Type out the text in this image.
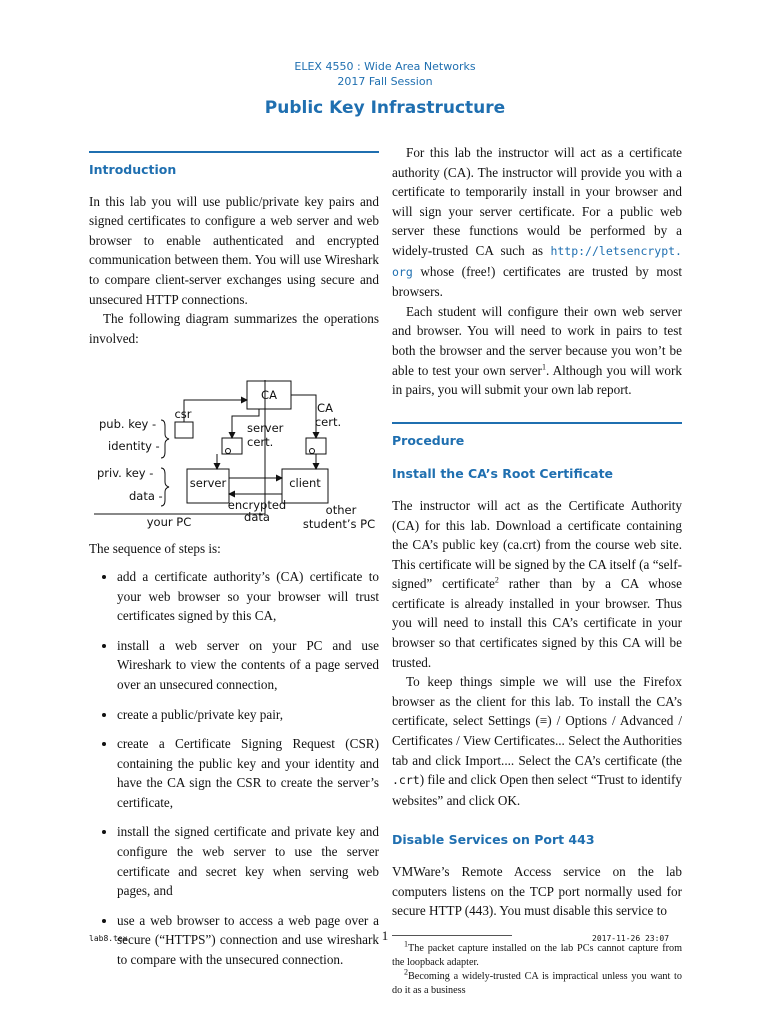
ELEX 4550 : Wide Area Networks
2017 Fall Session
Public Key Infrastructure
Introduction

In this lab you will use public/private key pairs and signed certificates to configure a web server and web browser to enable authenticated and encrypted communication between them. You will use Wireshark to compare client-server exchanges using secure and unsecured HTTP connections.

The following diagram summarizes the operations involved:

CA
CA
cert.
csr
server
cert.
pub. key -
identity -
priv. key -
data -
server	client
your PC
encrypted
data	other
student’s PC

The sequence of steps is:

• add a certificate authority’s (CA) certificate to your web browser so your browser will trust certificates signed by this CA,
• install a web server on your PC and use Wireshark to view the contents of a page served over an unsecured connection,
• create a public/private key pair,
• create a Certificate Signing Request (CSR) containing the public key and your identity and have the CA sign the CSR to create the server’s certificate,
• install the signed certificate and private key and configure the web server to use the server certificate and secret key when serving web pages, and
• use a web browser to access a web page over a secure (“HTTPS”) connection and use wireshark to compare with the unsecured connection.

For this lab the instructor will act as a certificate authority (CA). The instructor will provide you with a certificate to temporarily install in your browser and will sign your server certificate. For a public web server these functions would be performed by a widely-trusted CA such as http://letsencrypt. org whose (free!) certificates are trusted by most browsers.

Each student will configure their own web server and browser. You will need to work in pairs to test both the browser and the server because you won’t be able to test your own server$^1$. Although you will work in pairs, you will submit your own lab report.

Procedure
Install the CA’s Root Certificate

The instructor will act as the Certificate Authority (CA) for this lab. Download a certificate containing the CA’s public key (ca.crt) from the course web site. This certificate will be signed by the CA itself (a “self-signed” certificate$^2$ rather than by a CA whose certificate is already installed in your browser. Thus you will need to install this CA’s certificate in your browser so that certificates signed by this CA will be trusted.

To keep things simple we will use the Firefox browser as the client for this lab. To install the CA’s certificate, select Settings (≡) / Options / Advanced / Certificates / View Certificates... Select the Authorities tab and click Import.... Select the CA’s certificate (the .crt) file and click Open then select “Trust to identify websites” and click OK.

Disable Services on Port 443

VMWare’s Remote Access service on the lab computers listens on the TCP port normally used for secure HTTP (443). You must disable this service to

$^1$The packet capture installed on the lab PCs cannot capture from the loopback adapter.
$^2$Becoming a widely-trusted CA is impractical unless you want to do it as a business
lab8.tex	1	2017-11-26 23:07
